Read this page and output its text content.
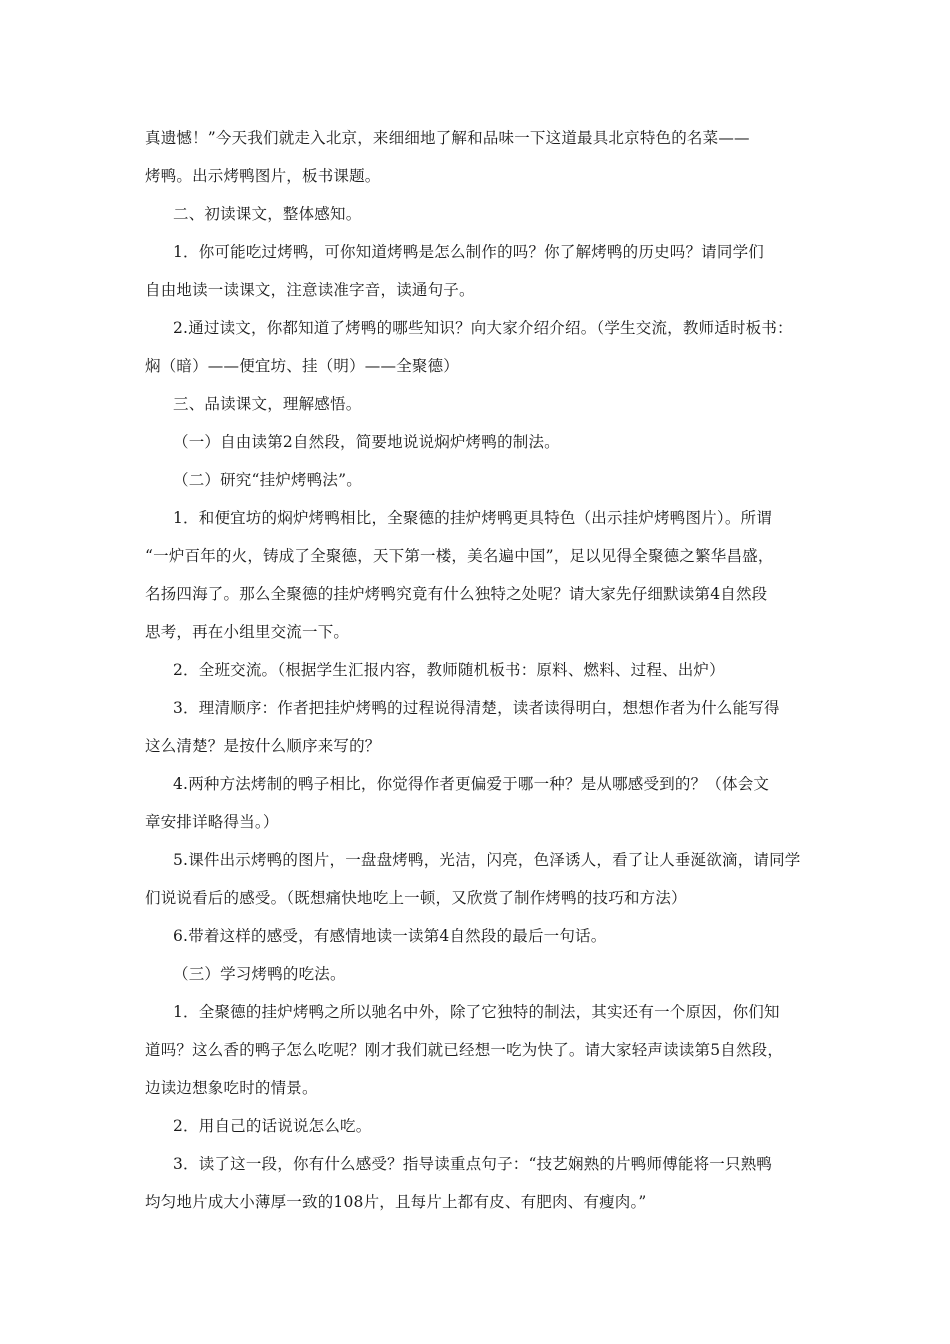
真遗憾！”今天我们就走入北京，来细细地了解和品味一下这道最具北京特色的名菜——
烤鸭。出示烤鸭图片，板书课题。
二、初读课文，整体感知。
1．你可能吃过烤鸭，可你知道烤鸭是怎么制作的吗？你了解烤鸭的历史吗？请同学们
自由地读一读课文，注意读准字音，读通句子。
2.通过读文，你都知道了烤鸭的哪些知识？向大家介绍介绍。（学生交流，教师适时板书：
焖（暗）——便宜坊、挂（明）——全聚德）
三、品读课文，理解感悟。
（一）自由读第2自然段，简要地说说焖炉烤鸭的制法。
（二）研究“挂炉烤鸭法”。
1．和便宜坊的焖炉烤鸭相比，全聚德的挂炉烤鸭更具特色（出示挂炉烤鸭图片）。所谓
“一炉百年的火，铸成了全聚德，天下第一楼，美名遍中国”，足以见得全聚德之繁华昌盛，
名扬四海了。那么全聚德的挂炉烤鸭究竟有什么独特之处呢？请大家先仔细默读第4自然段
思考，再在小组里交流一下。
2．全班交流。（根据学生汇报内容，教师随机板书：原料、燃料、过程、出炉）
3．理清顺序：作者把挂炉烤鸭的过程说得清楚，读者读得明白，想想作者为什么能写得
这么清楚？是按什么顺序来写的？
4.两种方法烤制的鸭子相比，你觉得作者更偏爱于哪一种？是从哪感受到的？（体会文
章安排详略得当。）
5.课件出示烤鸭的图片，一盘盘烤鸭，光洁，闪亮，色泽诱人，看了让人垂涎欲滴，请同学
们说说看后的感受。（既想痛快地吃上一顿，又欣赏了制作烤鸭的技巧和方法）
6.带着这样的感受，有感情地读一读第4自然段的最后一句话。
（三）学习烤鸭的吃法。
1．全聚德的挂炉烤鸭之所以驰名中外，除了它独特的制法，其实还有一个原因，你们知
道吗？这么香的鸭子怎么吃呢？刚才我们就已经想一吃为快了。请大家轻声读读第5自然段，
边读边想象吃时的情景。
2．用自己的话说说怎么吃。
3．读了这一段，你有什么感受？指导读重点句子：“技艺娴熟的片鸭师傅能将一只熟鸭
均匀地片成大小薄厚一致的108片，且每片上都有皮、有肥肉、有瘦肉。”
